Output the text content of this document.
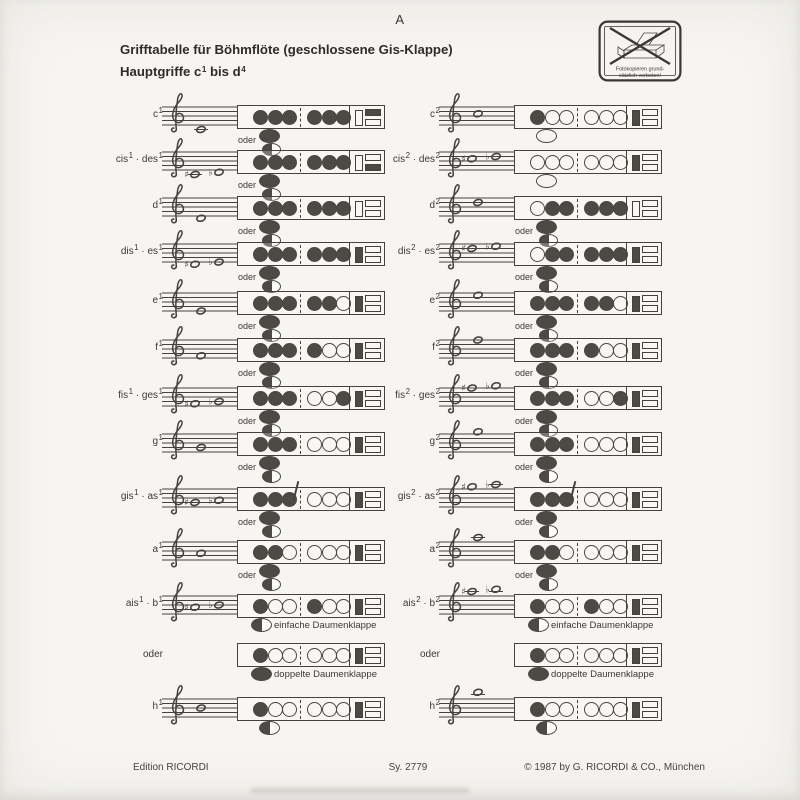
A
Grifftabelle für Böhmflöte (geschlossene Gis-Klappe)
Hauptgriffe $c^1$ bis $d^4$	Fotokopieren grund-
sätzlich verboten!
$c^1$
oder
cis$^1$ · des$^1$
♯ ♭
oder
$d^1$
oder
$dis^1 \cdot es^1$
♯ ♭
oder
$e^1$
oder
$f^1$
oder
fis$^1$ · ges$^1$
♯ ♭
oder
$g^1$
oder
$gis^1 \cdot as^1$
♯ ♭
oder
$a^1$
oder
$ais^1 \cdot b^1$
♯ ♭
einfache Daumenklappe
oder
doppelte Daumenklappe
$h^1$
$c^2$
cis$^2$ · des$^2$ ♯ ♭
$d^2$
oder
$dis^2 \cdot es^2$ ♯ ♭
oder
$e^2$
oder
$f^2$
oder
fis$^2$ · ges$^2$ ♯ ♭
oder
$g^2$
oder
$gis^2 \cdot as^2$ ♯ ♭
oder
$a^2$
oder
$ais^2 \cdot b^2$
♯ ♭
einfache Daumenklappe
oder
doppelte Daumenklappe
$h^2$
Edition RICORDI	Sy. 2779	© 1987 by G. RICORDI & CO., München
